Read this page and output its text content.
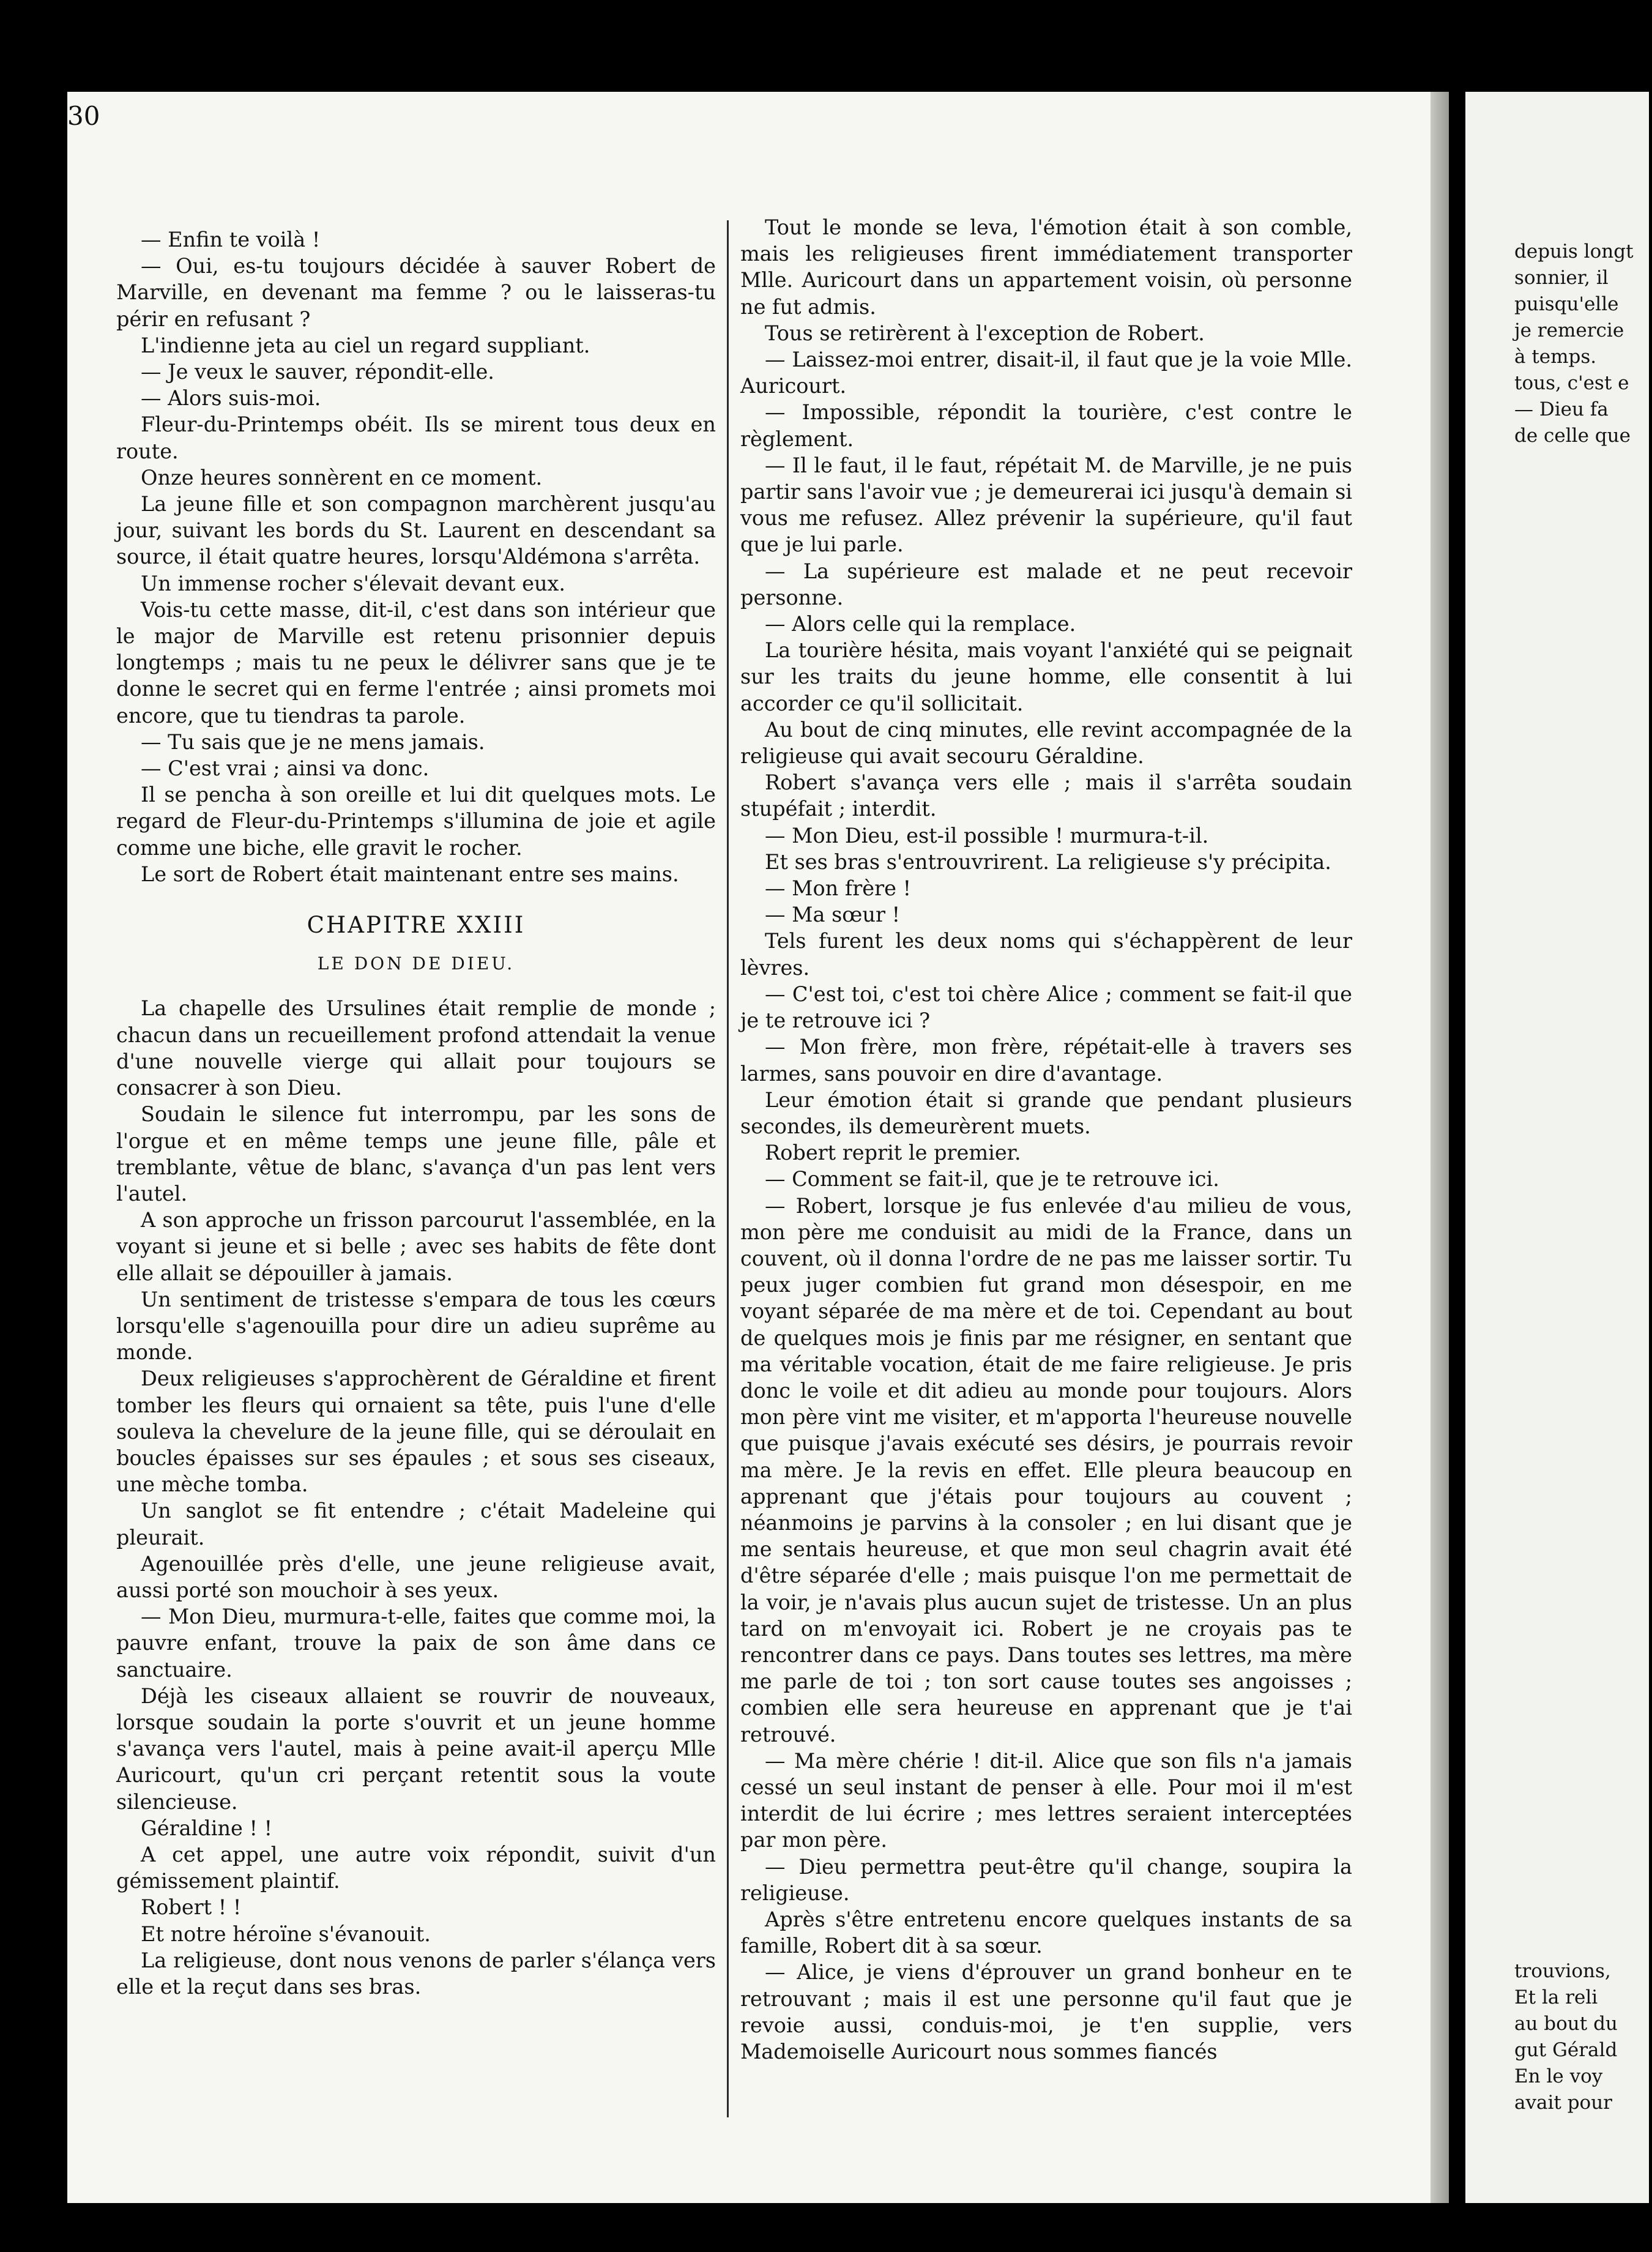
30

— Enfin te voilà !

— Oui, es-tu toujours décidée à sauver Robert de Marville, en devenant ma femme ? ou le laisseras-tu périr en refusant ?

L'indienne jeta au ciel un regard suppliant.

— Je veux le sauver, répondit-elle.

— Alors suis-moi.

Fleur-du-Printemps obéit. Ils se mirent tous deux en route.

Onze heures sonnèrent en ce moment.

La jeune fille et son compagnon marchèrent jusqu'au jour, suivant les bords du St. Laurent en descendant sa source, il était quatre heures, lorsqu'Aldémona s'arrêta.

Un immense rocher s'élevait devant eux.

Vois-tu cette masse, dit-il, c'est dans son intérieur que le major de Marville est retenu prisonnier depuis longtemps ; mais tu ne peux le délivrer sans que je te donne le secret qui en ferme l'entrée ; ainsi promets moi encore, que tu tiendras ta parole.

— Tu sais que je ne mens jamais.

— C'est vrai ; ainsi va donc.

Il se pencha à son oreille et lui dit quelques mots. Le regard de Fleur-du-Printemps s'illumina de joie et agile comme une biche, elle gravit le rocher.

Le sort de Robert était maintenant entre ses mains.

CHAPITRE XXIII
LE DON DE DIEU.

La chapelle des Ursulines était remplie de monde ; chacun dans un recueillement profond attendait la venue d'une nouvelle vierge qui allait pour toujours se consacrer à son Dieu.

Soudain le silence fut interrompu, par les sons de l'orgue et en même temps une jeune fille, pâle et tremblante, vêtue de blanc, s'avança d'un pas lent vers l'autel.

A son approche un frisson parcourut l'assemblée, en la voyant si jeune et si belle ; avec ses habits de fête dont elle allait se dépouiller à jamais.

Un sentiment de tristesse s'empara de tous les cœurs lorsqu'elle s'agenouilla pour dire un adieu suprême au monde.

Deux religieuses s'approchèrent de Géraldine et firent tomber les fleurs qui ornaient sa tête, puis l'une d'elle souleva la chevelure de la jeune fille, qui se déroulait en boucles épaisses sur ses épaules ; et sous ses ciseaux, une mèche tomba.

Un sanglot se fit entendre ; c'était Madeleine qui pleurait.

Agenouillée près d'elle, une jeune religieuse avait, aussi porté son mouchoir à ses yeux.

— Mon Dieu, murmura-t-elle, faites que comme moi, la pauvre enfant, trouve la paix de son âme dans ce sanctuaire.

Déjà les ciseaux allaient se rouvrir de nouveaux, lorsque soudain la porte s'ouvrit et un jeune homme s'avança vers l'autel, mais à peine avait-il aperçu Mlle Auricourt, qu'un cri perçant retentit sous la voute silencieuse.

Géraldine ! !

A cet appel, une autre voix répondit, suivit d'un gémissement plaintif.

Robert ! !

Et notre héroïne s'évanouit.

La religieuse, dont nous venons de parler s'élança vers elle et la reçut dans ses bras.

Tout le monde se leva, l'émotion était à son comble, mais les religieuses firent immédiatement transporter Mlle. Auricourt dans un appartement voisin, où personne ne fut admis.

Tous se retirèrent à l'exception de Robert.

— Laissez-moi entrer, disait-il, il faut que je la voie Mlle. Auricourt.

— Impossible, répondit la tourière, c'est contre le règlement.

— Il le faut, il le faut, répétait M. de Marville, je ne puis partir sans l'avoir vue ; je demeurerai ici jusqu'à demain si vous me refusez. Allez prévenir la supérieure, qu'il faut que je lui parle.

— La supérieure est malade et ne peut recevoir personne.

— Alors celle qui la remplace.

La tourière hésita, mais voyant l'anxiété qui se peignait sur les traits du jeune homme, elle consentit à lui accorder ce qu'il sollicitait.

Au bout de cinq minutes, elle revint accompagnée de la religieuse qui avait secouru Géraldine.

Robert s'avança vers elle ; mais il s'arrêta soudain stupéfait ; interdit.

— Mon Dieu, est-il possible ! murmura-t-il.

Et ses bras s'entrouvrirent. La religieuse s'y précipita.

— Mon frère !

— Ma sœur !

Tels furent les deux noms qui s'échappèrent de leur lèvres.

— C'est toi, c'est toi chère Alice ; comment se fait-il que je te retrouve ici ?

— Mon frère, mon frère, répétait-elle à travers ses larmes, sans pouvoir en dire d'avantage.

Leur émotion était si grande que pendant plusieurs secondes, ils demeurèrent muets.

Robert reprit le premier.

— Comment se fait-il, que je te retrouve ici.

— Robert, lorsque je fus enlevée d'au milieu de vous, mon père me conduisit au midi de la France, dans un couvent, où il donna l'ordre de ne pas me laisser sortir. Tu peux juger combien fut grand mon désespoir, en me voyant séparée de ma mère et de toi. Cependant au bout de quelques mois je finis par me résigner, en sentant que ma véritable vocation, était de me faire religieuse. Je pris donc le voile et dit adieu au monde pour toujours. Alors mon père vint me visiter, et m'apporta l'heureuse nouvelle que puisque j'avais exécuté ses désirs, je pourrais revoir ma mère. Je la revis en effet. Elle pleura beaucoup en apprenant que j'étais pour toujours au couvent ; néanmoins je parvins à la consoler ; en lui disant que je me sentais heureuse, et que mon seul chagrin avait été d'être séparée d'elle ; mais puisque l'on me permettait de la voir, je n'avais plus aucun sujet de tristesse. Un an plus tard on m'envoyait ici. Robert je ne croyais pas te rencontrer dans ce pays. Dans toutes ses lettres, ma mère me parle de toi ; ton sort cause toutes ses angoisses ; combien elle sera heureuse en apprenant que je t'ai retrouvé.

— Ma mère chérie ! dit-il. Alice que son fils n'a jamais cessé un seul instant de penser à elle. Pour moi il m'est interdit de lui écrire ; mes lettres seraient interceptées par mon père.

— Dieu permettra peut-être qu'il change, soupira la religieuse.

Après s'être entretenu encore quelques instants de sa famille, Robert dit à sa sœur.

— Alice, je viens d'éprouver un grand bonheur en te retrouvant ; mais il est une personne qu'il faut que je revoie aussi, conduis-moi, je t'en supplie, vers Mademoiselle Auricourt nous sommes fiancés

depuis longt
sonnier, il
puisqu'elle
je remercie
à temps.
tous, c'est e
— Dieu fa
de celle que
trouvions,
Et la reli
au bout du
gut Gérald
En le voy
avait pour
